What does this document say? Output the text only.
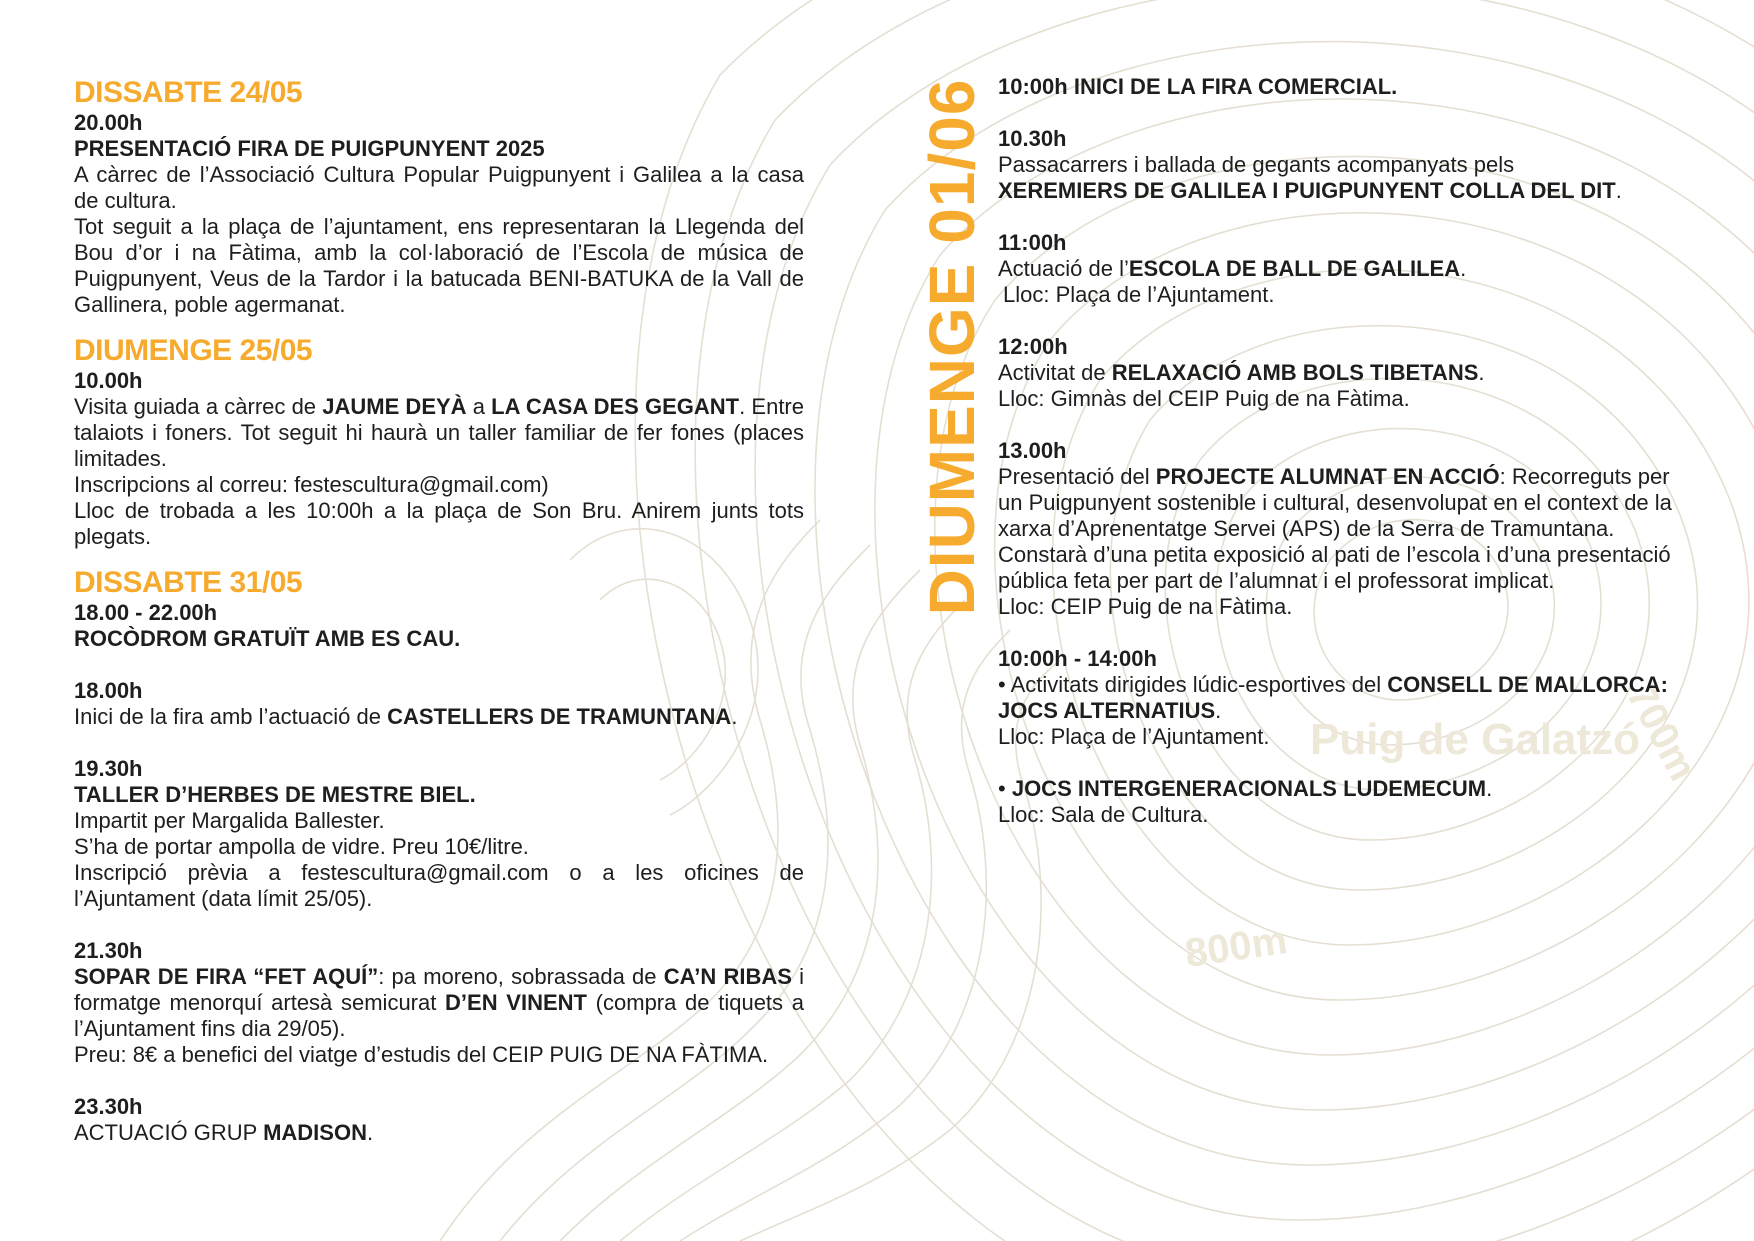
Puig de Galatzó
800m
700m
DIUMENGE 01/06
DISSABTE 24/05
20.00h
PRESENTACIÓ FIRA DE PUIGPUNYENT 2025
A càrrec de l’Associació Cultura Popular Puigpunyent i Galilea a la casa de cultura.
Tot seguit a la plaça de l’ajuntament, ens representaran la Llegenda del Bou d’or i na Fàtima, amb la col·laboració de l’Escola de música de Puigpunyent, Veus de la Tardor i la batucada BENI-BATUKA de la Vall de Gallinera, poble agermanat.
DIUMENGE 25/05
10.00h
Visita guiada a càrrec de JAUME DEYÀ a LA CASA DES GEGANT. Entre talaiots i foners. Tot seguit hi haurà un taller familiar de fer fones (places limitades.
Inscripcions al correu: festescultura@gmail.com)
Lloc de trobada a les 10:00h a la plaça de Son Bru. Anirem junts tots plegats.
DISSABTE 31/05
18.00 - 22.00h
ROCÒDROM GRATUÏT AMB ES CAU.
18.00h
Inici de la fira amb l’actuació de CASTELLERS DE TRAMUNTANA.
19.30h
TALLER D’HERBES DE MESTRE BIEL.
Impartit per Margalida Ballester.
S’ha de portar ampolla de vidre. Preu 10€/litre.
Inscripció prèvia a festescultura@gmail.com o a les oficines de l’Ajuntament (data límit 25/05).
21.30h
SOPAR DE FIRA “FET AQUÍ”: pa moreno, sobrassada de CA’N RIBAS i formatge menorquí artesà semicurat D’EN VINENT (compra de tiquets a l’Ajuntament fins dia 29/05).
Preu: 8€ a benefici del viatge d’estudis del CEIP PUIG DE NA FÀTIMA.
23.30h
ACTUACIÓ GRUP MADISON.
10:00h INICI DE LA FIRA COMERCIAL.
10.30h
Passacarrers i ballada de gegants acompanyats pels
XEREMIERS DE GALILEA I PUIGPUNYENT COLLA DEL DIT.
11:00h
Actuació de l’ESCOLA DE BALL DE GALILEA.
Lloc: Plaça de l’Ajuntament.
12:00h
Activitat de RELAXACIÓ AMB BOLS TIBETANS.
Lloc: Gimnàs del CEIP Puig de na Fàtima.
13.00h
Presentació del PROJECTE ALUMNAT EN ACCIÓ: Recorreguts per un Puigpunyent sostenible i cultural, desenvolupat en el context de la xarxa d’Aprenentatge Servei (APS) de la Serra de Tramuntana. Constarà d’una petita exposició al pati de l’escola i d’una presentació pública feta per part de l’alumnat i el professorat implicat.
Lloc: CEIP Puig de na Fàtima.
10:00h - 14:00h
• Activitats dirigides lúdic-esportives del CONSELL DE MALLORCA: JOCS ALTERNATIUS.
Lloc: Plaça de l’Ajuntament.
• JOCS INTERGENERACIONALS LUDEMECUM.
Lloc: Sala de Cultura.
